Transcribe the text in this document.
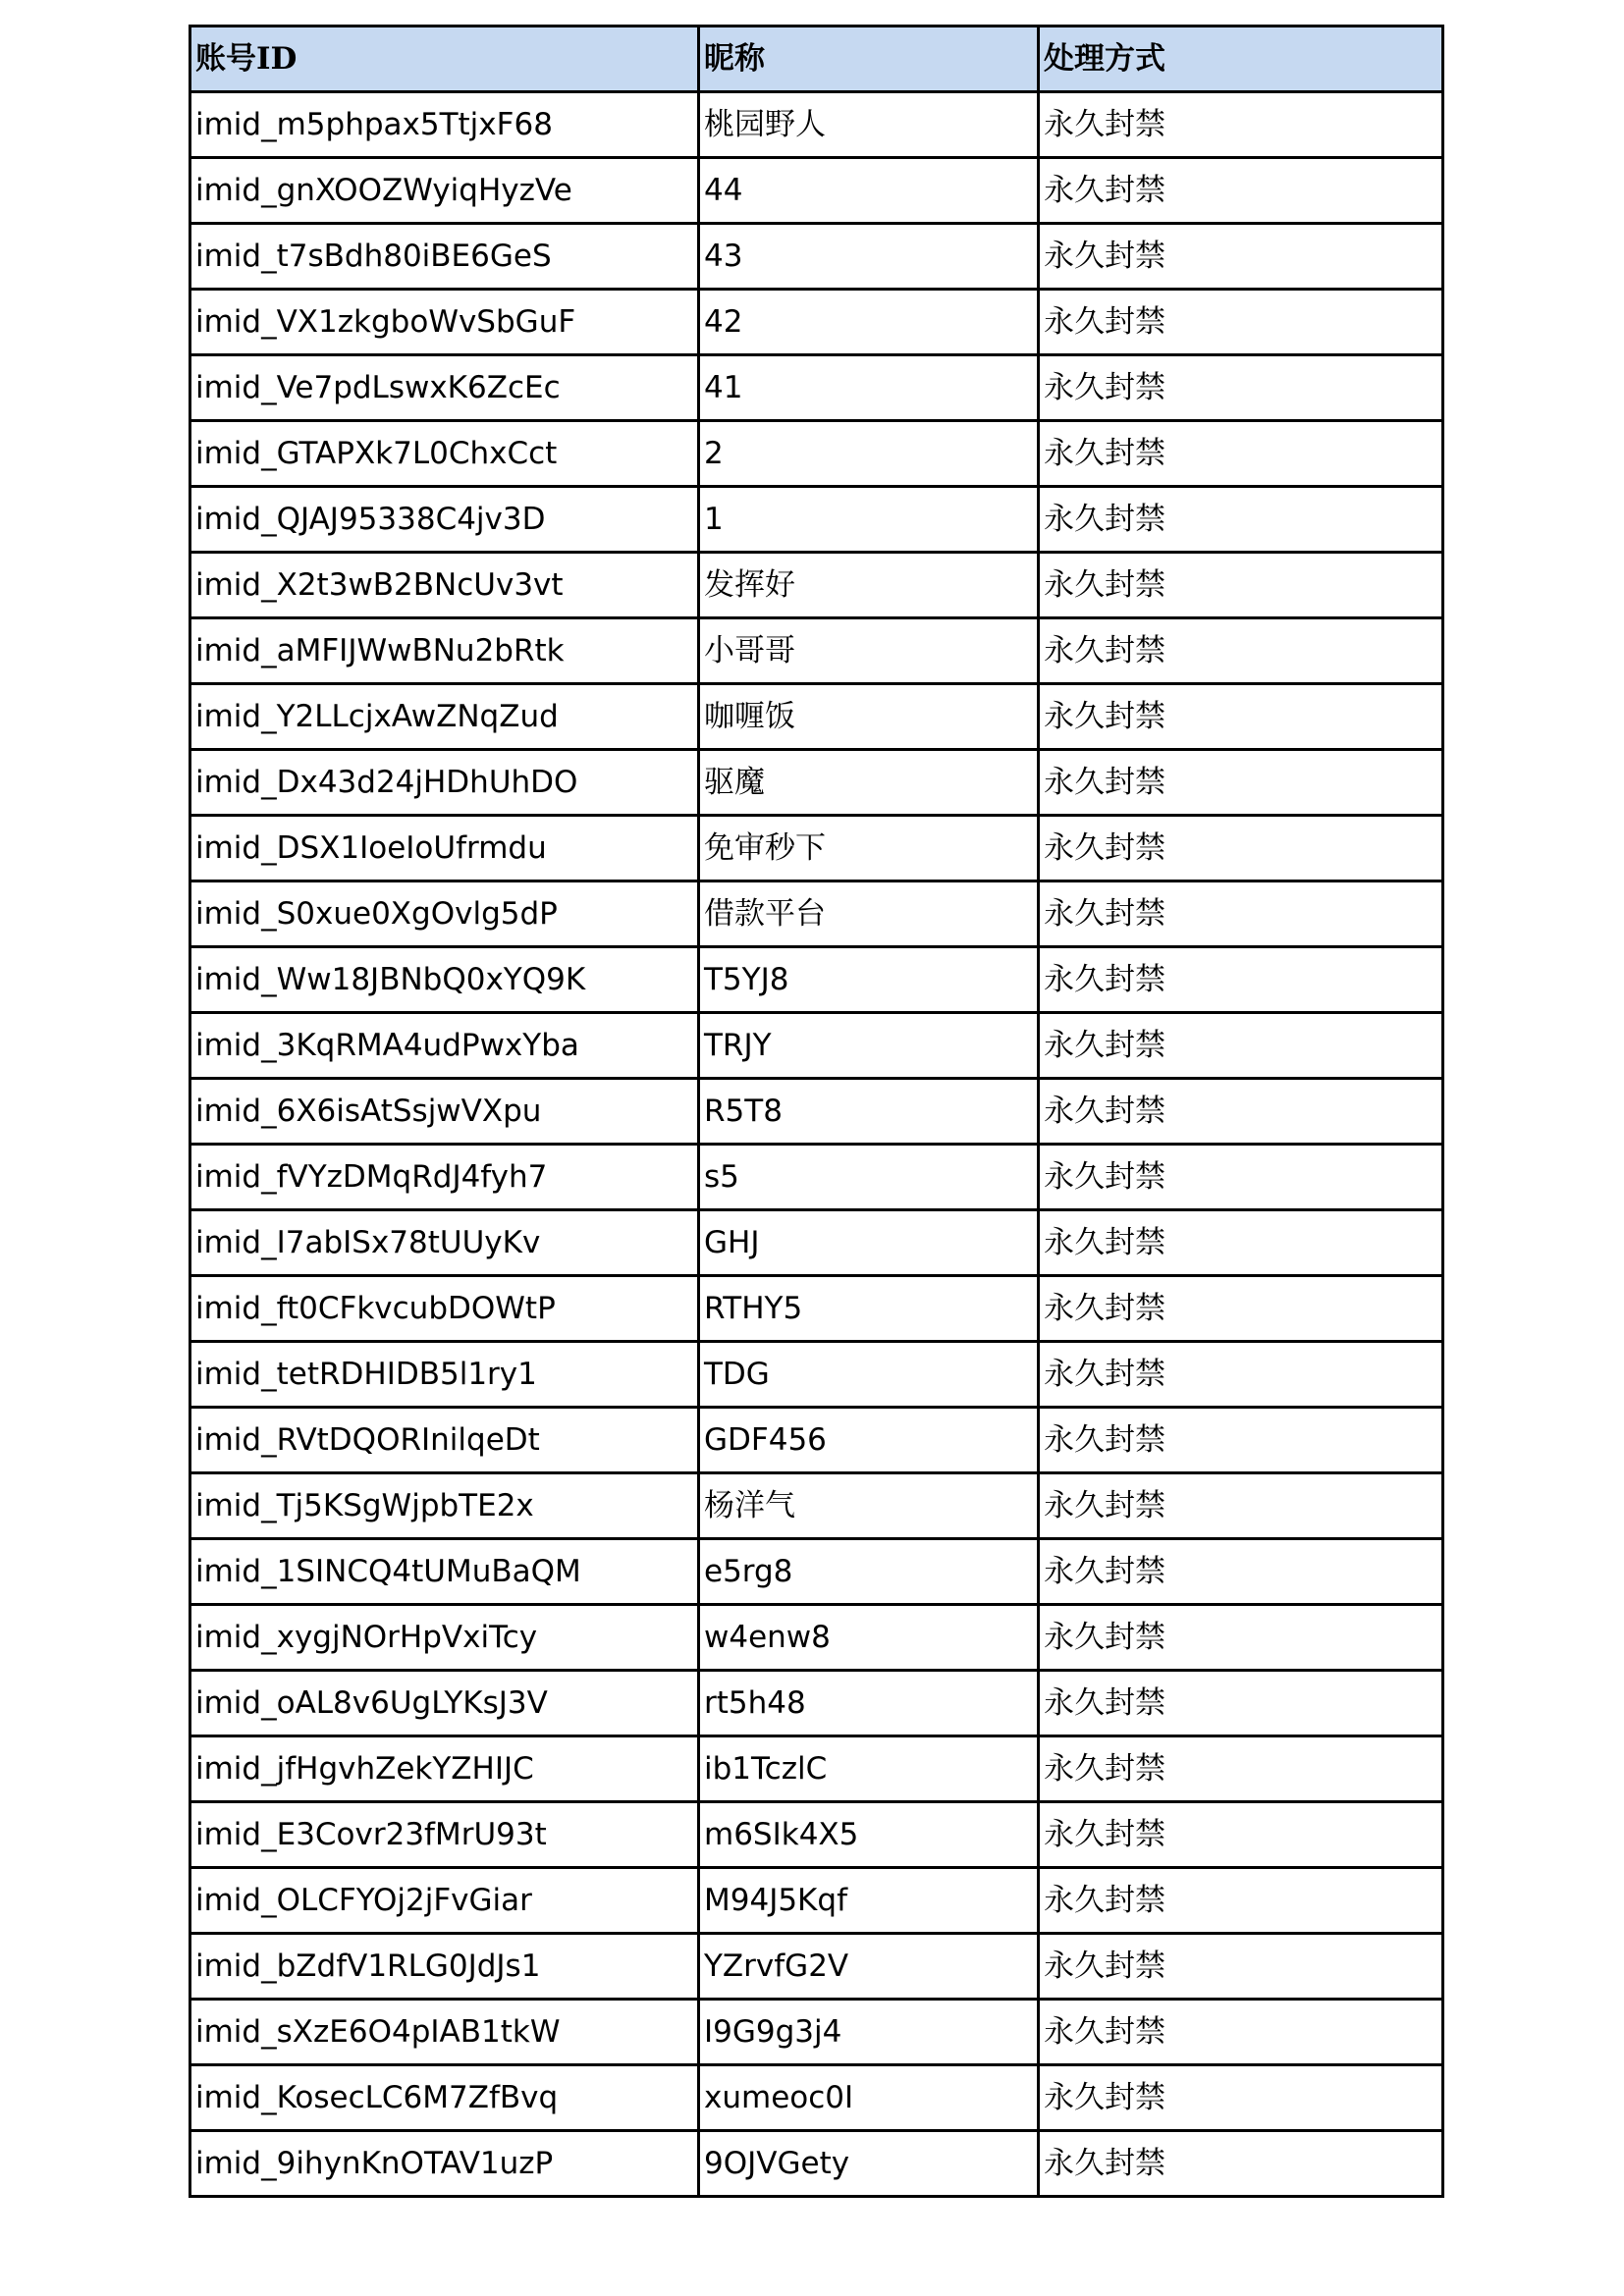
账号ID	昵称	处理方式
imid_m5phpax5TtjxF68	桃园野人	永久封禁
imid_gnXOOZWyiqHyzVe	44	永久封禁
imid_t7sBdh80iBE6GeS	43	永久封禁
imid_VX1zkgboWvSbGuF	42	永久封禁
imid_Ve7pdLswxK6ZcEc	41	永久封禁
imid_GTAPXk7L0ChxCct	2	永久封禁
imid_QJAJ95338C4jv3D	1	永久封禁
imid_X2t3wB2BNcUv3vt	发挥好	永久封禁
imid_aMFIJWwBNu2bRtk	小哥哥	永久封禁
imid_Y2LLcjxAwZNqZud	咖喱饭	永久封禁
imid_Dx43d24jHDhUhDO	驱魔	永久封禁
imid_DSX1IoeIoUfrmdu	免审秒下	永久封禁
imid_S0xue0XgOvlg5dP	借款平台	永久封禁
imid_Ww18JBNbQ0xYQ9K	T5YJ8	永久封禁
imid_3KqRMA4udPwxYba	TRJY	永久封禁
imid_6X6isAtSsjwVXpu	R5T8	永久封禁
imid_fVYzDMqRdJ4fyh7	s5	永久封禁
imid_I7abISx78tUUyKv	GHJ	永久封禁
imid_ft0CFkvcubDOWtP	RTHY5	永久封禁
imid_tetRDHIDB5l1ry1	TDG	永久封禁
imid_RVtDQORInilqeDt	GDF456	永久封禁
imid_Tj5KSgWjpbTE2x	杨洋气	永久封禁
imid_1SINCQ4tUMuBaQM	e5rg8	永久封禁
imid_xygjNOrHpVxiTcy	w4enw8	永久封禁
imid_oAL8v6UgLYKsJ3V	rt5h48	永久封禁
imid_jfHgvhZekYZHIJC	ib1TczlC	永久封禁
imid_E3Covr23fMrU93t	m6SIk4X5	永久封禁
imid_OLCFYOj2jFvGiar	M94J5Kqf	永久封禁
imid_bZdfV1RLG0JdJs1	YZrvfG2V	永久封禁
imid_sXzE6O4pIAB1tkW	I9G9g3j4	永久封禁
imid_KosecLC6M7ZfBvq	xumeoc0I	永久封禁
imid_9ihynKnOTAV1uzP	9OJVGety	永久封禁
